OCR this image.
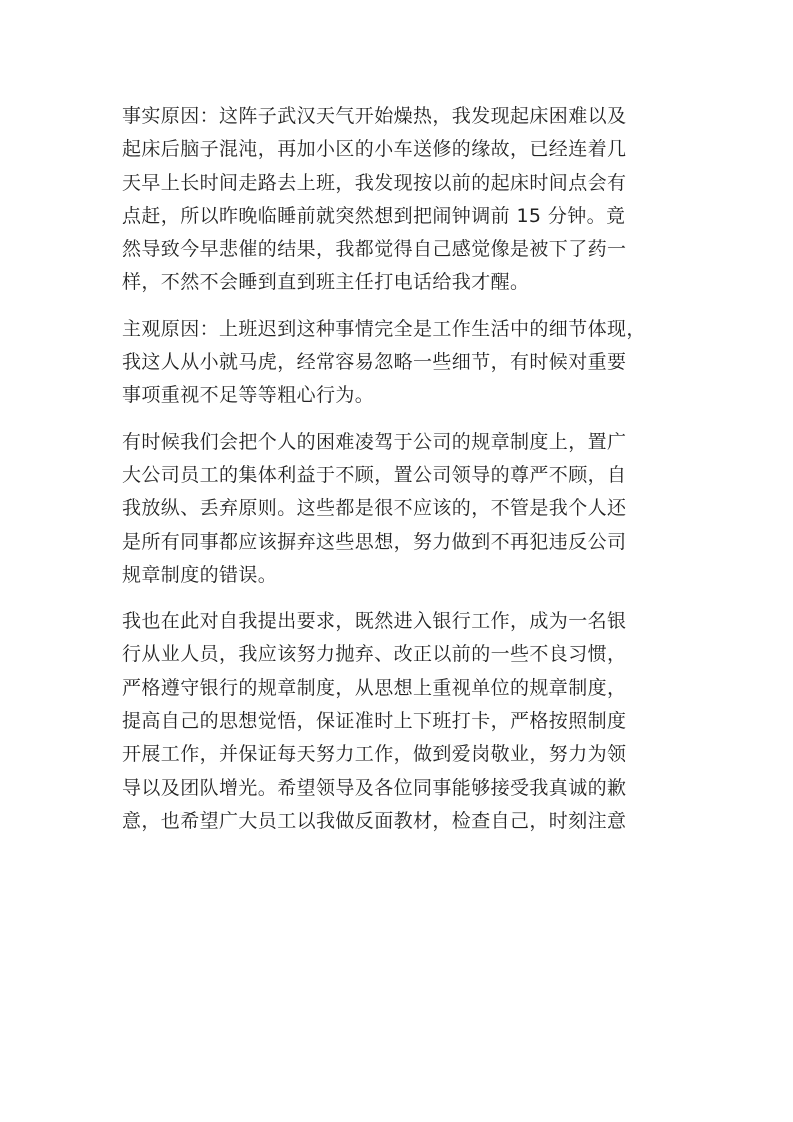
事实原因：这阵子武汉天气开始燥热，我发现起床困难以及
起床后脑子混沌，再加小区的小车送修的缘故，已经连着几
天早上长时间走路去上班，我发现按以前的起床时间点会有
点赶，所以昨晚临睡前就突然想到把闹钟调前 15 分钟。竟
然导致今早悲催的结果，我都觉得自己感觉像是被下了药一
样，不然不会睡到直到班主任打电话给我才醒。

主观原因：上班迟到这种事情完全是工作生活中的细节体现，
我这人从小就马虎，经常容易忽略一些细节，有时候对重要
事项重视不足等等粗心行为。

有时候我们会把个人的困难凌驾于公司的规章制度上，置广
大公司员工的集体利益于不顾，置公司领导的尊严不顾，自
我放纵、丢弃原则。这些都是很不应该的，不管是我个人还
是所有同事都应该摒弃这些思想，努力做到不再犯违反公司
规章制度的错误。

我也在此对自我提出要求，既然进入银行工作，成为一名银
行从业人员，我应该努力抛弃、改正以前的一些不良习惯，
严格遵守银行的规章制度，从思想上重视单位的规章制度，
提高自己的思想觉悟，保证准时上下班打卡，严格按照制度
开展工作，并保证每天努力工作，做到爱岗敬业，努力为领
导以及团队增光。希望领导及各位同事能够接受我真诚的歉
意，也希望广大员工以我做反面教材，检查自己，时刻注意
